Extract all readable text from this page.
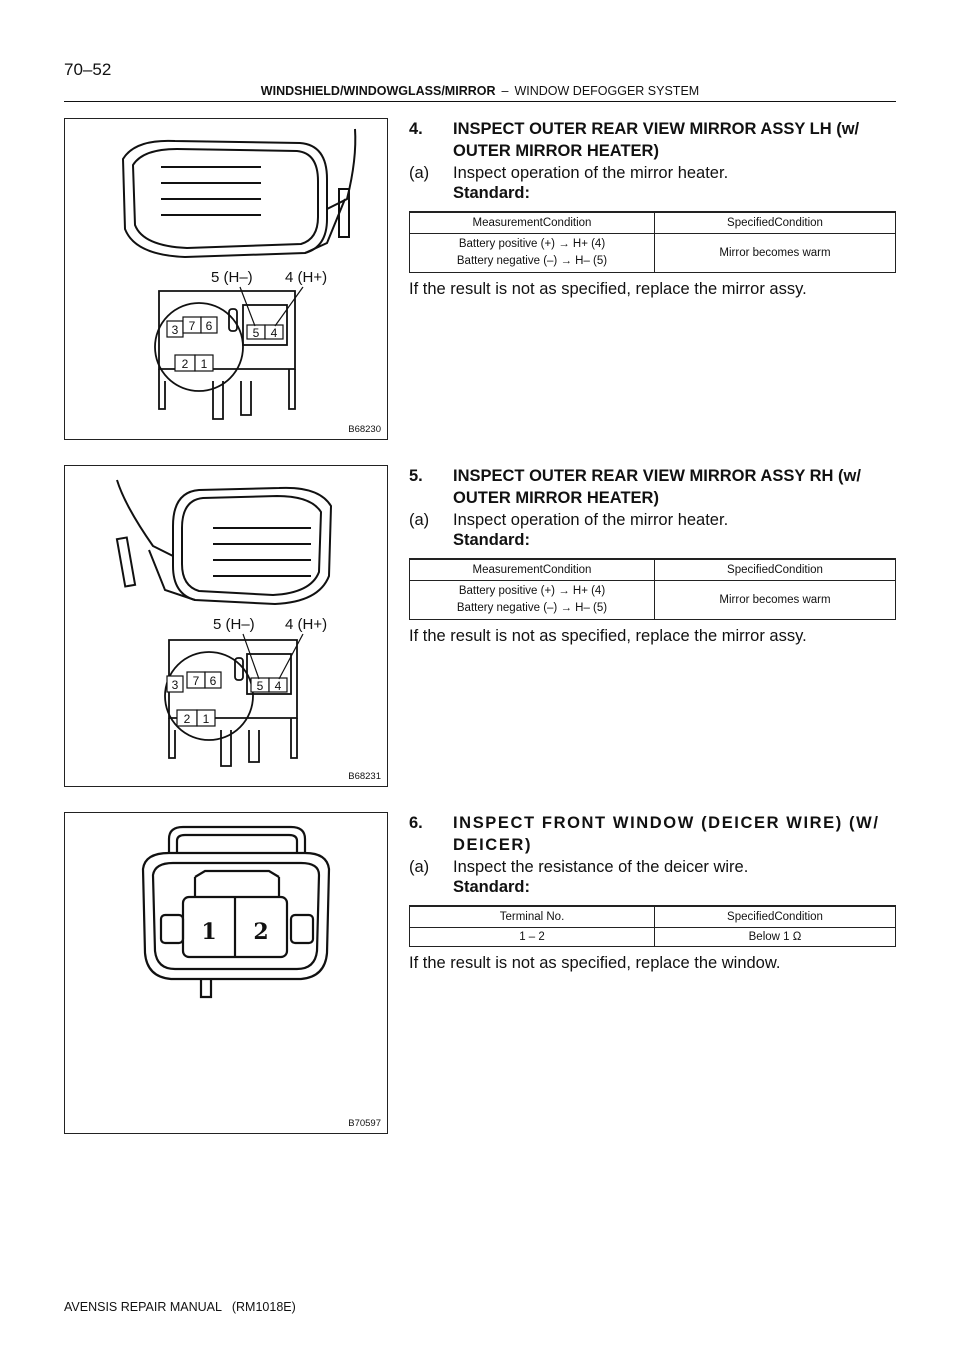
70–52
WINDSHIELD/WINDOWGLASS/MIRROR – WINDOW DEFOGGER SYSTEM
3 7 6
2 1
5 4
5 (H–) 4 (H+)
B68230
3 7 6
2 1
5 4
5 (H–) 4 (H+)
B68231
1 2
B70597
4. INSPECT OUTER REAR VIEW MIRROR ASSY LH (w/ OUTER MIRROR HEATER)
(a) Inspect operation of the mirror heater.
Standard:
MeasurementCondition	SpecifiedCondition

Battery positive (+) → H+ (4)
Battery negative (–) → H– (5)	Mirror becomes warm
If the result is not as specified, replace the mirror assy.
5. INSPECT OUTER REAR VIEW MIRROR ASSY RH (w/ OUTER MIRROR HEATER)
(a) Inspect operation of the mirror heater.
Standard:
MeasurementCondition	SpecifiedCondition

Battery positive (+) → H+ (4)
Battery negative (–) → H– (5)	Mirror becomes warm
If the result is not as specified, replace the mirror assy.
6. INSPECT FRONT WINDOW (DEICER WIRE) (W/ DEICER)
(a) Inspect the resistance of the deicer wire.
Standard:
Terminal No.	SpecifiedCondition
1 – 2	Below 1 Ω
If the result is not as specified, replace the window.
AVENSIS REPAIR MANUAL   (RM1018E)
